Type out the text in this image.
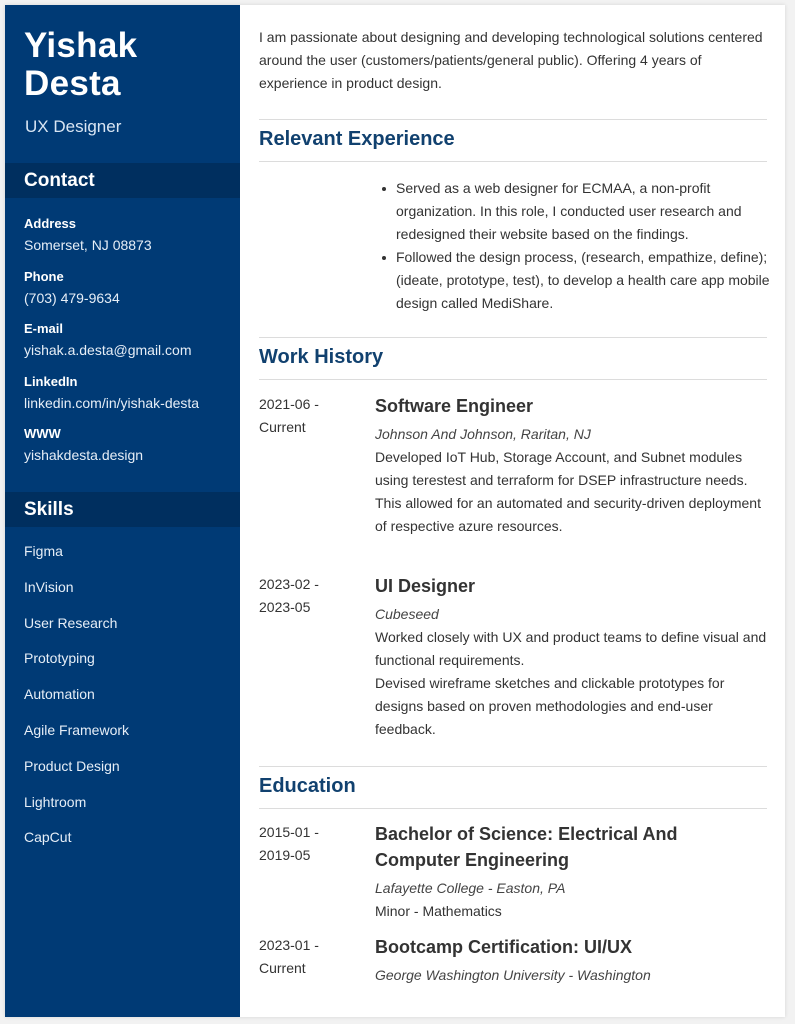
Yishak
Desta
UX Designer
Contact
Address
Somerset, NJ 08873
Phone
(703) 479-9634
E-mail
yishak.a.desta@gmail.com
LinkedIn
linkedin.com/in/yishak-desta
WWW
yishakdesta.design
Skills
Figma
InVision
User Research
Prototyping
Automation
Agile Framework
Product Design
Lightroom
CapCut

I am passionate about designing and developing technological solutions centered around the user (customers/patients/general public). Offering 4 years of experience in product design.

Relevant Experience
Served as a web designer for ECMAA, a non-profit organization. In this role, I conducted user research and redesigned their website based on the findings.
Followed the design process, (research, empathize, define); (ideate, prototype, test), to develop a health care app mobile design called MediShare.
Work History
2021-06 -
Current
Software Engineer
Johnson And Johnson, Raritan, NJ
Developed IoT Hub, Storage Account, and Subnet modules using terestest and terraform for DSEP infrastructure needs. This allowed for an automated and security-driven deployment of respective azure resources.
2023-02 -
2023-05
UI Designer
Cubeseed
Worked closely with UX and product teams to define visual and functional requirements.
Devised wireframe sketches and clickable prototypes for designs based on proven methodologies and end-user feedback.
Education
2015-01 -
2019-05
Bachelor of Science: Electrical And Computer Engineering
Lafayette College - Easton, PA
Minor - Mathematics
2023-01 -
Current
Bootcamp Certification: UI/UX
George Washington University - Washington
